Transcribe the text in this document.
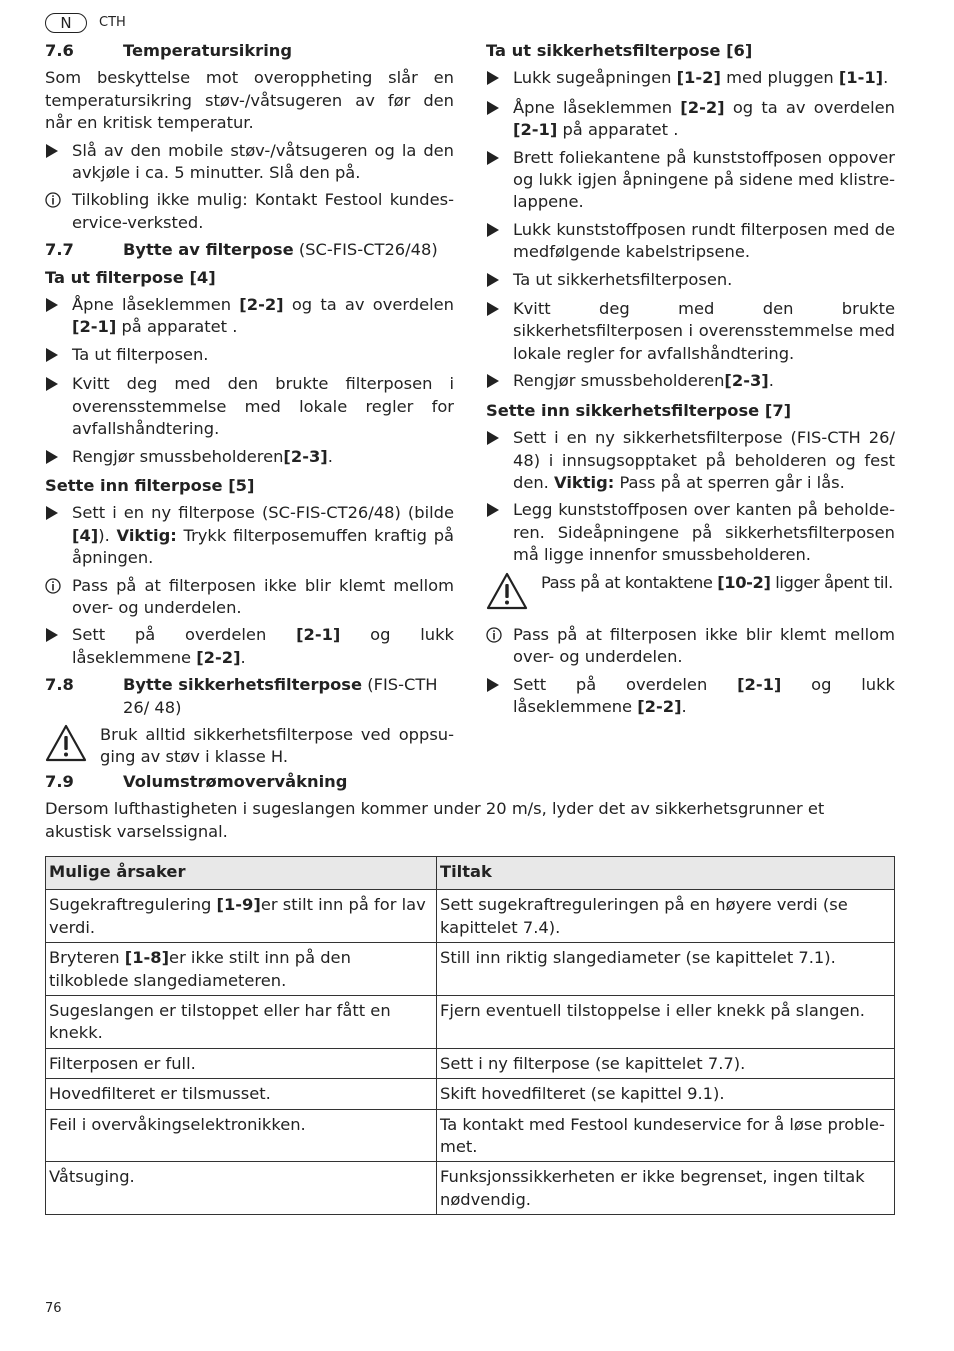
N	CTH
7.6	Temperatursikring

Som beskyttelse mot overoppheting slår en temperatursikring støv-/våtsugeren av før den når en kritisk temperatur.

Slå av den mobile støv-/våtsugeren og la den avkjøle i ca. 5 minutter. Slå den på.
Tilkobling ikke mulig: Kontakt Festool kundeservice-verksted.
7.7	Bytte av filterpose (SC-FIS-CT26/48)
Ta ut filterpose [4]
Åpne låseklemmen [2-2] og ta av overdelen [2-1] på apparatet .
Ta ut filterposen.
Kvitt deg med den brukte filterposen i overensstemmelse med lokale regler for avfallshåndtering.
Rengjør smussbeholderen[2-3].
Sette inn filterpose [5]
Sett i en ny filterpose (SC-FIS-CT26/48) (bilde [4]). Viktig: Trykk filterposemuffen kraftig på åpningen.
Pass på at filterposen ikke blir klemt mellom over- og underdelen.
Sett på overdelen [2-1] og lukk låseklemmene [2-2].
7.8	Bytte sikkerhetsfilterpose (FIS-CTH 26/ 48)
Bruk alltid sikkerhetsfilterpose ved oppsuging av støv i klasse H.
Ta ut sikkerhetsfilterpose [6]
Lukk sugeåpningen [1-2] med pluggen [1-1].
Åpne låseklemmen [2-2] og ta av overdelen [2-1] på apparatet .
Brett foliekantene på kunststoffposen oppover og lukk igjen åpningene på sidene med klistrelappene.
Lukk kunststoffposen rundt filterposen med de medfølgende kabelstripsene.
Ta ut sikkerhetsfilterposen.
Kvitt deg med den brukte sikkerhetsfilterposen i overensstemmelse med lokale regler for avfallshåndtering.
Rengjør smussbeholderen[2-3].
Sette inn sikkerhetsfilterpose [7]
Sett i en ny sikkerhetsfilterpose (FIS-CTH 26/ 48) i innsugsopptaket på beholderen og fest den. Viktig: Pass på at sperren går i lås.
Legg kunststoffposen over kanten på beholderen. Sideåpningene på sikkerhetsfilterposen må ligge innenfor smussbeholderen.
Pass på at kontaktene [10-2] ligger åpent til.
Pass på at filterposen ikke blir klemt mellom over- og underdelen.
Sett på overdelen [2-1] og lukk låseklemmene [2-2].
7.9	Volumstrømovervåkning

Dersom lufthastigheten i sugeslangen kommer under 20 m/s, lyder det av sikkerhetsgrunner et akustisk varselssignal.

Mulige årsaker	Tiltak
Sugekraftregulering [1-9]er stilt inn på for lav verdi.	Sett sugekraftreguleringen på en høyere verdi (se kapittelet 7.4).
Bryteren [1-8]er ikke stilt inn på den tilkoblede slangediameteren.	Still inn riktig slangediameter (se kapittelet 7.1).
Sugeslangen er tilstoppet eller har fått en knekk.	Fjern eventuell tilstoppelse i eller knekk på slangen.
Filterposen er full.	Sett i ny filterpose (se kapittelet 7.7).
Hovedfilteret er tilsmusset.	Skift hovedfilteret (se kapittel 9.1).
Feil i overvåkingselektronikken.	Ta kontakt med Festool kundeservice for å løse problemet.
Våtsuging.	Funksjonssikkerheten er ikke begrenset, ingen tiltak nødvendig.
76
